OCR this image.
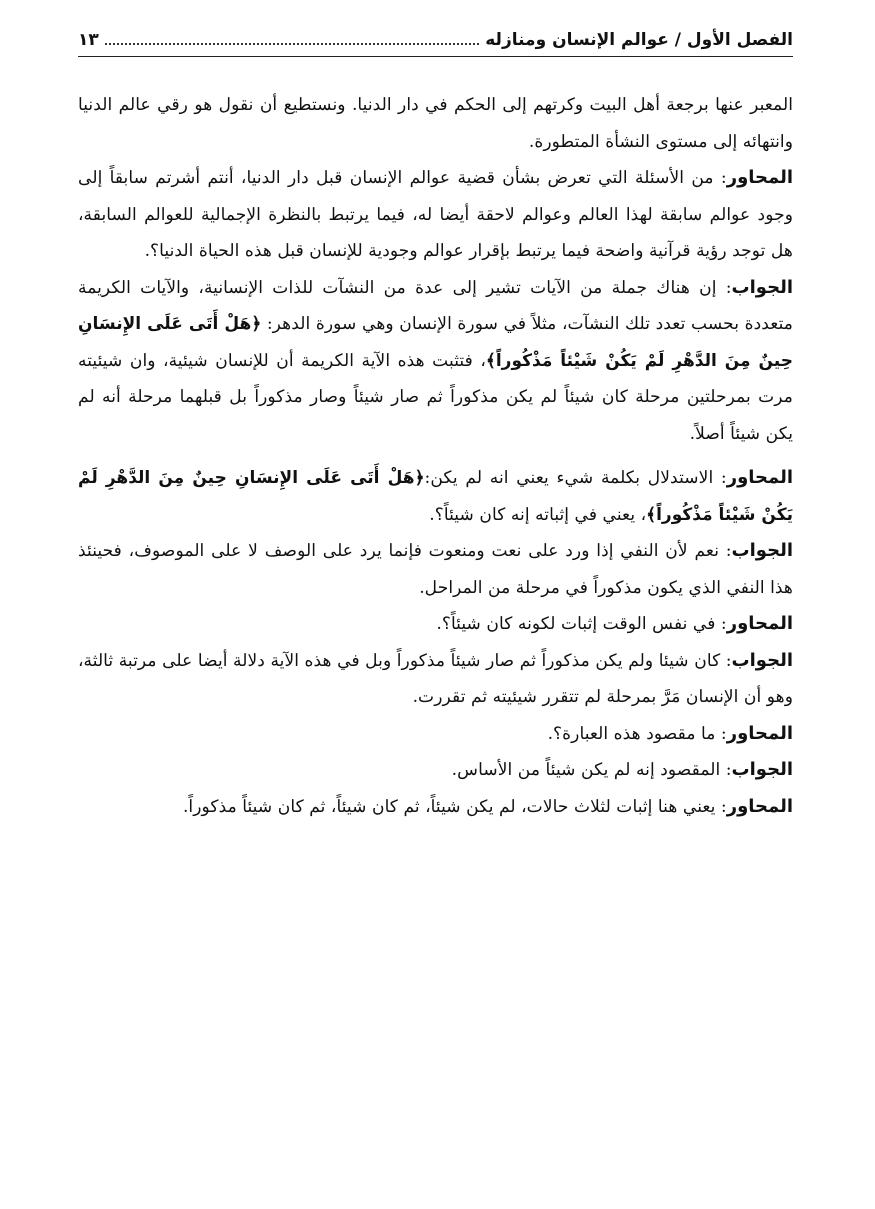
الفصل الأول / عوالم الإنسان ومنازله
١٣

المعبر عنها برجعة أهل البيت وكرتهم إلى الحكم في دار الدنيا. ونستطيع أن نقول هو رقي عالم الدنيا وانتهائه إلى مستوى النشأة المتطورة.

المحاور: من الأسئلة التي تعرض بشأن قضية عوالم الإنسان قبل دار الدنيا، أنتم أشرتم سابقاً إلى وجود عوالم سابقة لهذا العالم وعوالم لاحقة أيضا له، فيما يرتبط بالنظرة الإجمالية للعوالم السابقة، هل توجد رؤية قرآنية واضحة فيما يرتبط بإقرار عوالم وجودية للإنسان قبل هذه الحياة الدنيا؟.

الجواب: إن هناك جملة من الآيات تشير إلى عدة من النشآت للذات الإنسانية، والآيات الكريمة متعددة بحسب تعدد تلك النشآت، مثلاً في سورة الإنسان وهي سورة الدهر: ﴿هَلْ أَتَى عَلَى الإِنسَانِ حِينٌ مِنَ الدَّهْرِ لَمْ يَكُنْ شَيْئاً مَذْكُوراً﴾، فتثبت هذه الآية الكريمة أن للإنسان شيئية، وان شيئيته مرت بمرحلتين مرحلة كان شيئاً لم يكن مذكوراً ثم صار شيئاً وصار مذكوراً بل قبلهما مرحلة أنه لم يكن شيئاً أصلاً.

المحاور: الاستدلال بكلمة شيء يعني انه لم يكن:﴿هَلْ أَتَى عَلَى الإِنسَانِ حِينٌ مِنَ الدَّهْرِ لَمْ يَكُنْ شَيْئاً مَذْكُوراً﴾، يعني في إثباته إنه كان شيئاً؟.

الجواب: نعم لأن النفي إذا ورد على نعت ومنعوت فإنما يرد على الوصف لا على الموصوف، فحينئذ هذا النفي الذي يكون مذكوراً في مرحلة من المراحل.

المحاور: في نفس الوقت إثبات لكونه كان شيئاً؟.

الجواب: كان شيئا ولم يكن مذكوراً ثم صار شيئاً مذكوراً وبل في هذه الآية دلالة أيضا على مرتبة ثالثة، وهو أن الإنسان مَرَّ بمرحلة لم تتقرر شيئيته ثم تقررت.

المحاور: ما مقصود هذه العبارة؟.

الجواب: المقصود إنه لم يكن شيئاً من الأساس.

المحاور: يعني هنا إثبات لثلاث حالات، لم يكن شيئاً، ثم كان شيئاً، ثم كان شيئاً مذكوراً.
